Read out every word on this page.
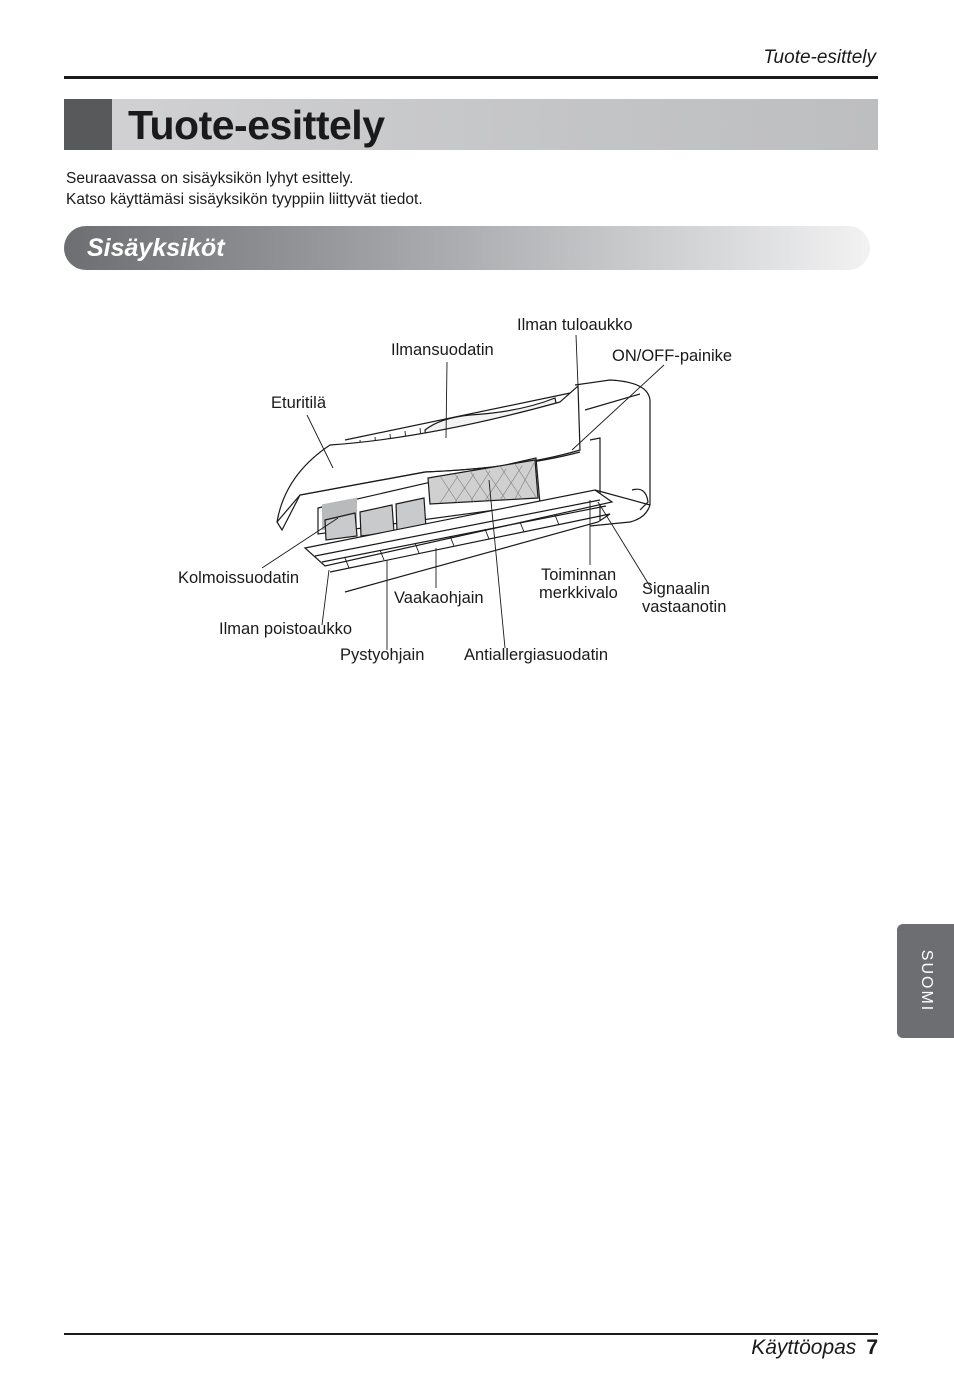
Tuote-esittely
Tuote-esittely

Seuraavassa on sisäyksikön lyhyt esittely.

Katso käyttämäsi sisäyksikön tyyppiin liittyvät tiedot.

Sisäyksiköt
Ilman tuloaukko
Ilmansuodatin	ON/OFF-painike
Eturitilä
Kolmoissuodatin	Toiminnan
merkkivalo Signaalin
vastaanotin
Vaakaohjain
Ilman poistoaukko
Pystyohjain Antiallergiasuodatin
SUOMI
Käyttöopas 7
